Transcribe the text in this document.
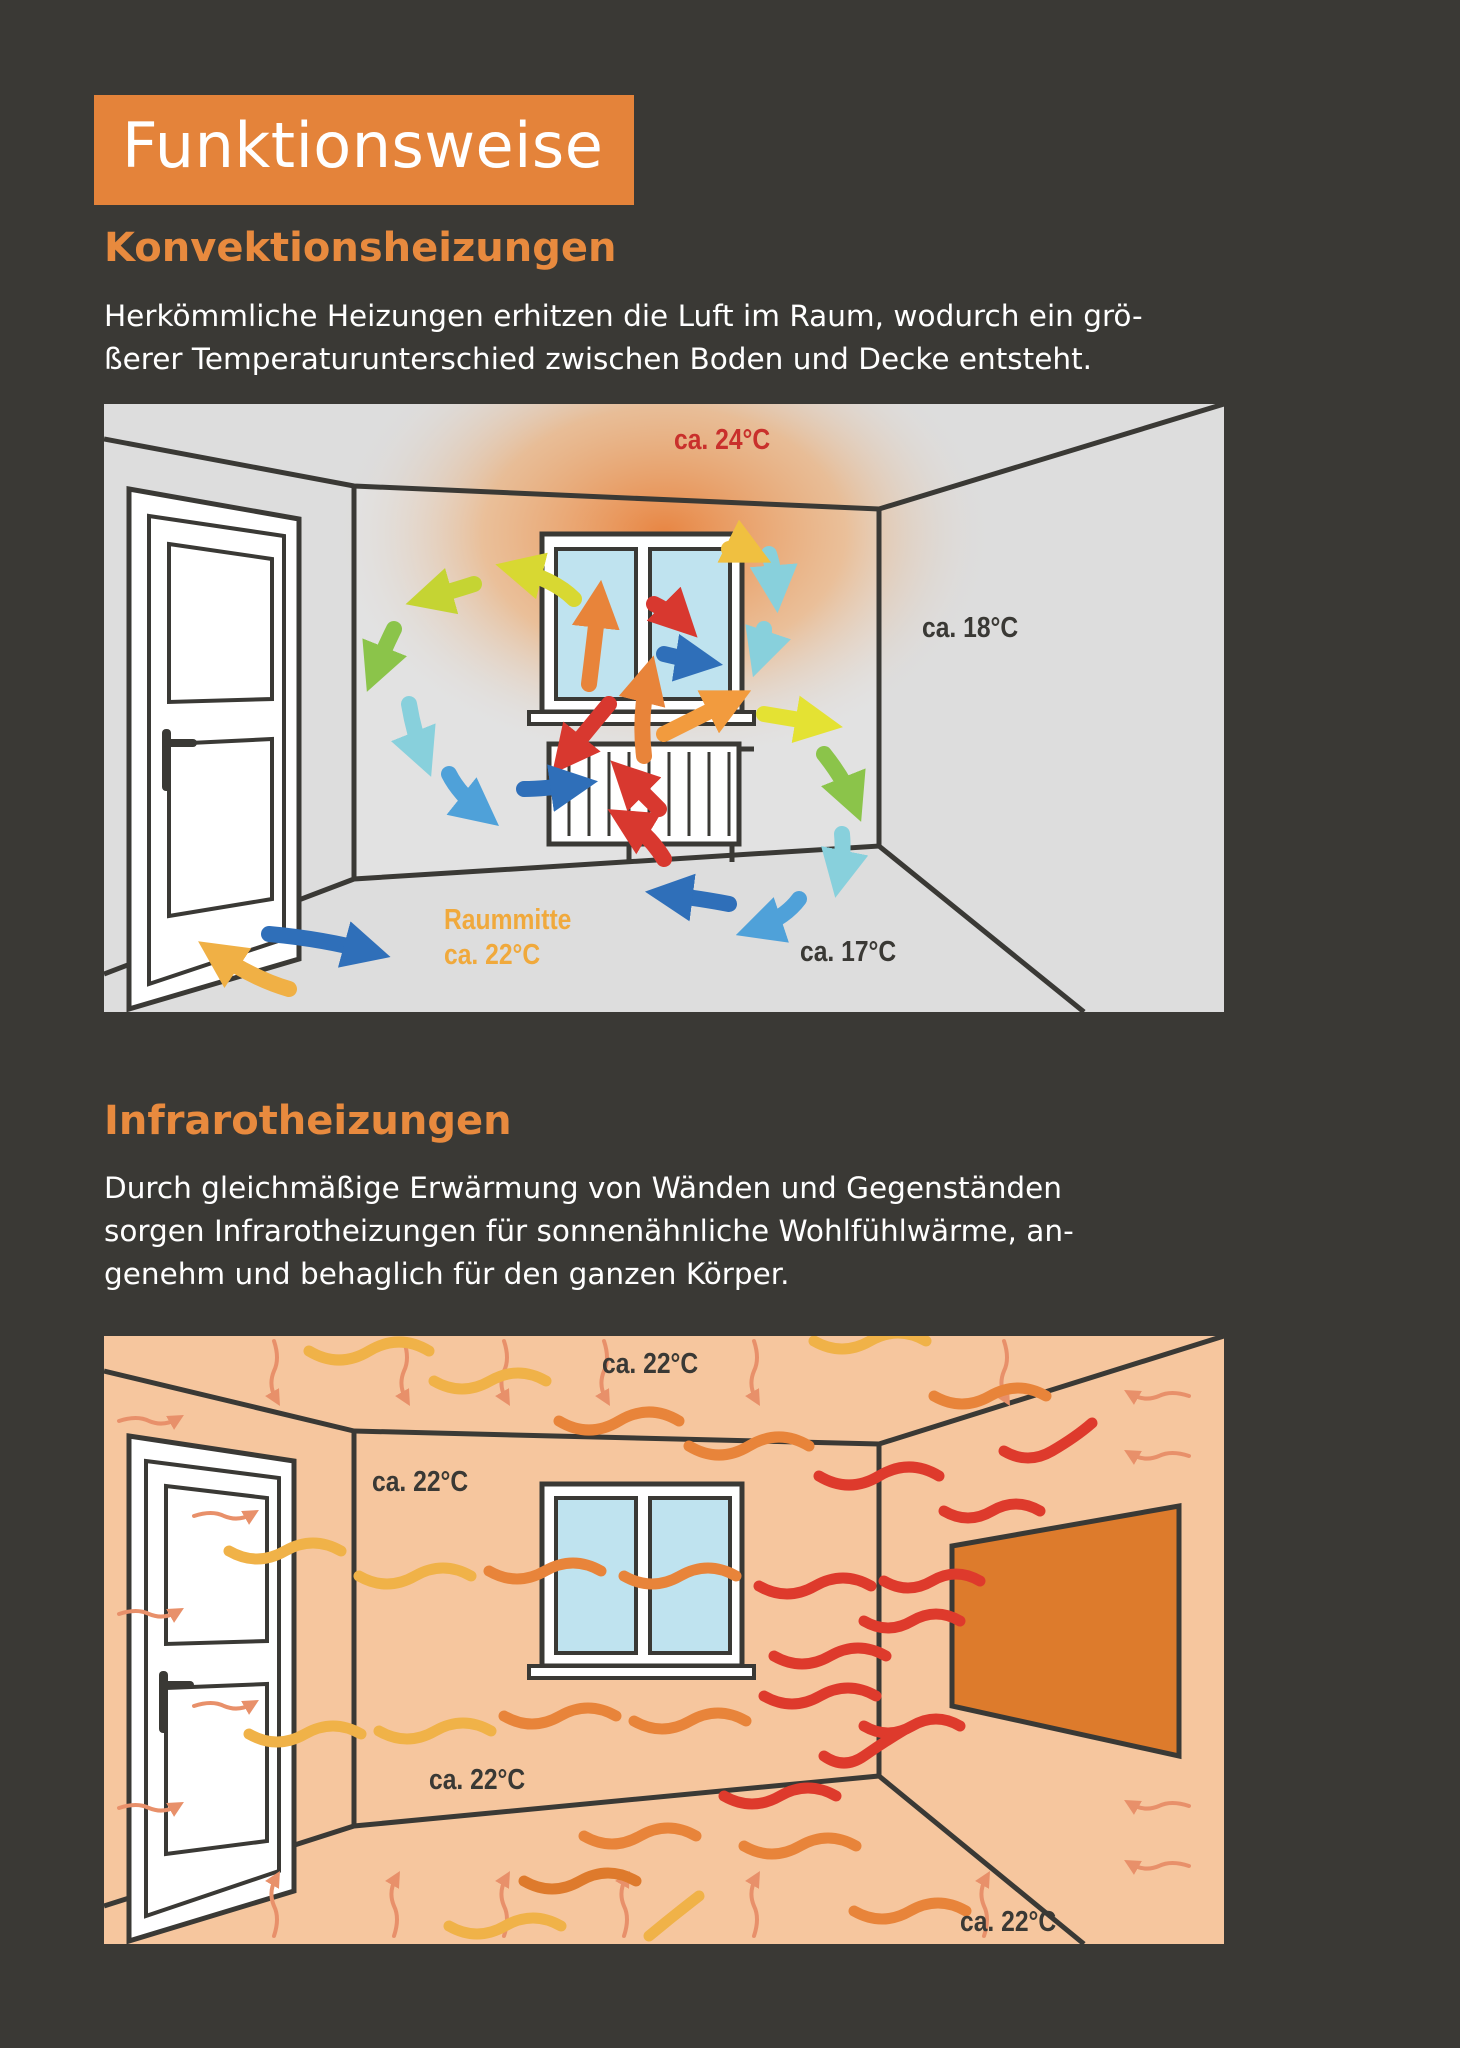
Funktionsweise
Konvektionsheizungen
Herkömmliche Heizungen erhitzen die Luft im Raum, wodurch ein grö-
ßerer Temperaturunterschied zwischen Boden und Decke entsteht.
ca. 24°C
ca. 18°C
Raummitte
ca. 22°C	ca. 17°C
Infrarotheizungen
Durch gleichmäßige Erwärmung von Wänden und Gegenständen
sorgen Infrarotheizungen für sonnenähnliche Wohlfühlwärme, an-
genehm und behaglich für den ganzen Körper.
ca. 22°C
ca. 22°C
ca. 22°C
ca. 22°C
